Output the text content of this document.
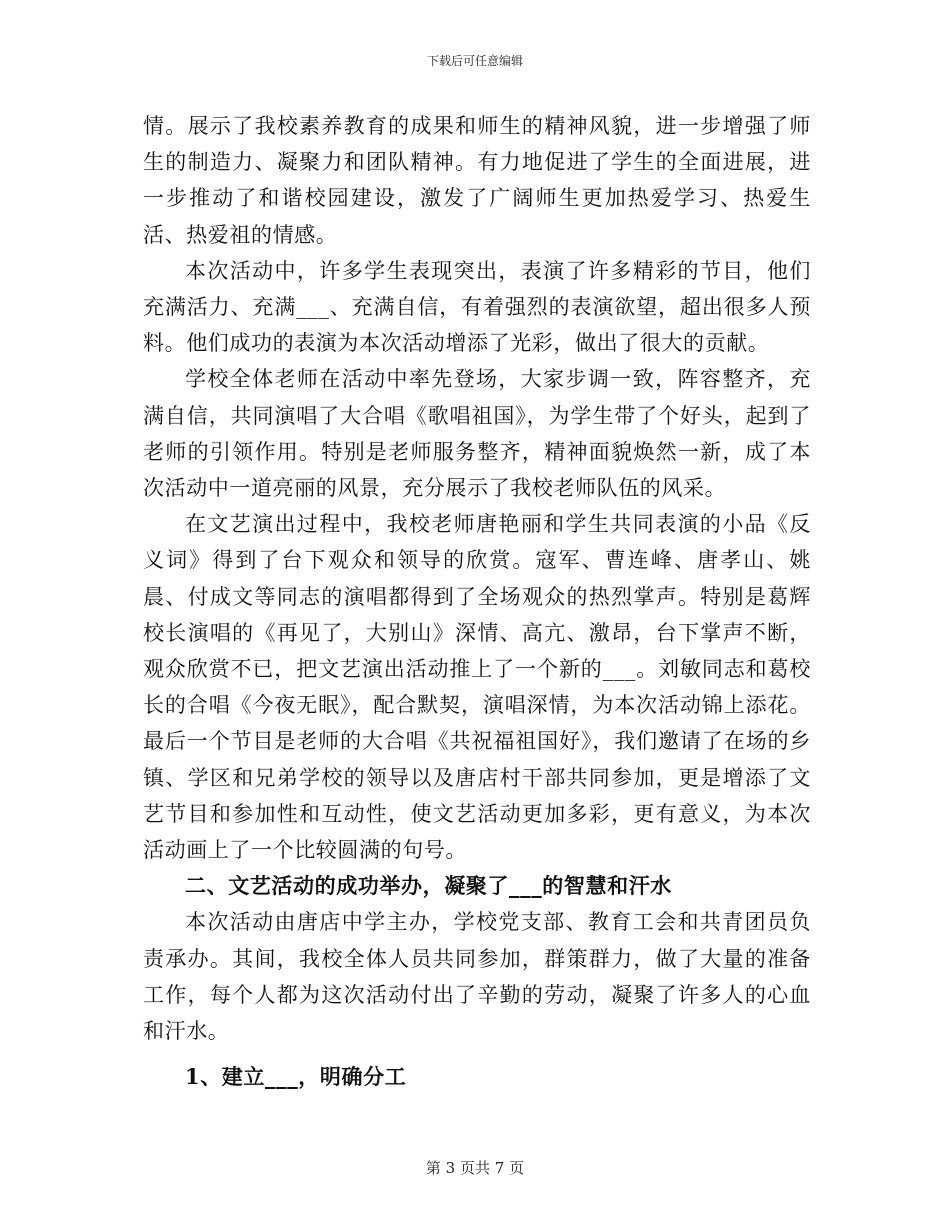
下载后可任意编辑

情。展示了我校素养教育的成果和师生的精神风貌，进一步增强了师生的制造力、凝聚力和团队精神。有力地促进了学生的全面进展，进一步推动了和谐校园建设，激发了广阔师生更加热爱学习、热爱生活、热爱祖的情感。

本次活动中，许多学生表现突出，表演了许多精彩的节目，他们充满活力、充满___、充满自信，有着强烈的表演欲望，超出很多人预料。他们成功的表演为本次活动增添了光彩，做出了很大的贡献。

学校全体老师在活动中率先登场，大家步调一致，阵容整齐，充满自信，共同演唱了大合唱《歌唱祖国》，为学生带了个好头，起到了老师的引领作用。特别是老师服务整齐，精神面貌焕然一新，成了本次活动中一道亮丽的风景，充分展示了我校老师队伍的风采。

在文艺演出过程中，我校老师唐艳丽和学生共同表演的小品《反义词》得到了台下观众和领导的欣赏。寇军、曹连峰、唐孝山、姚晨、付成文等同志的演唱都得到了全场观众的热烈掌声。特别是葛辉校长演唱的《再见了，大别山》深情、高亢、激昂，台下掌声不断，观众欣赏不已，把文艺演出活动推上了一个新的___。刘敏同志和葛校长的合唱《今夜无眠》，配合默契，演唱深情，为本次活动锦上添花。最后一个节目是老师的大合唱《共祝福祖国好》，我们邀请了在场的乡镇、学区和兄弟学校的领导以及唐店村干部共同参加，更是增添了文艺节目和参加性和互动性，使文艺活动更加多彩，更有意义，为本次活动画上了一个比较圆满的句号。

二、文艺活动的成功举办，凝聚了___的智慧和汗水

本次活动由唐店中学主办，学校党支部、教育工会和共青团员负责承办。其间，我校全体人员共同参加，群策群力，做了大量的准备工作，每个人都为这次活动付出了辛勤的劳动，凝聚了许多人的心血和汗水。

1、建立___，明确分工

第 3 页共 7 页
